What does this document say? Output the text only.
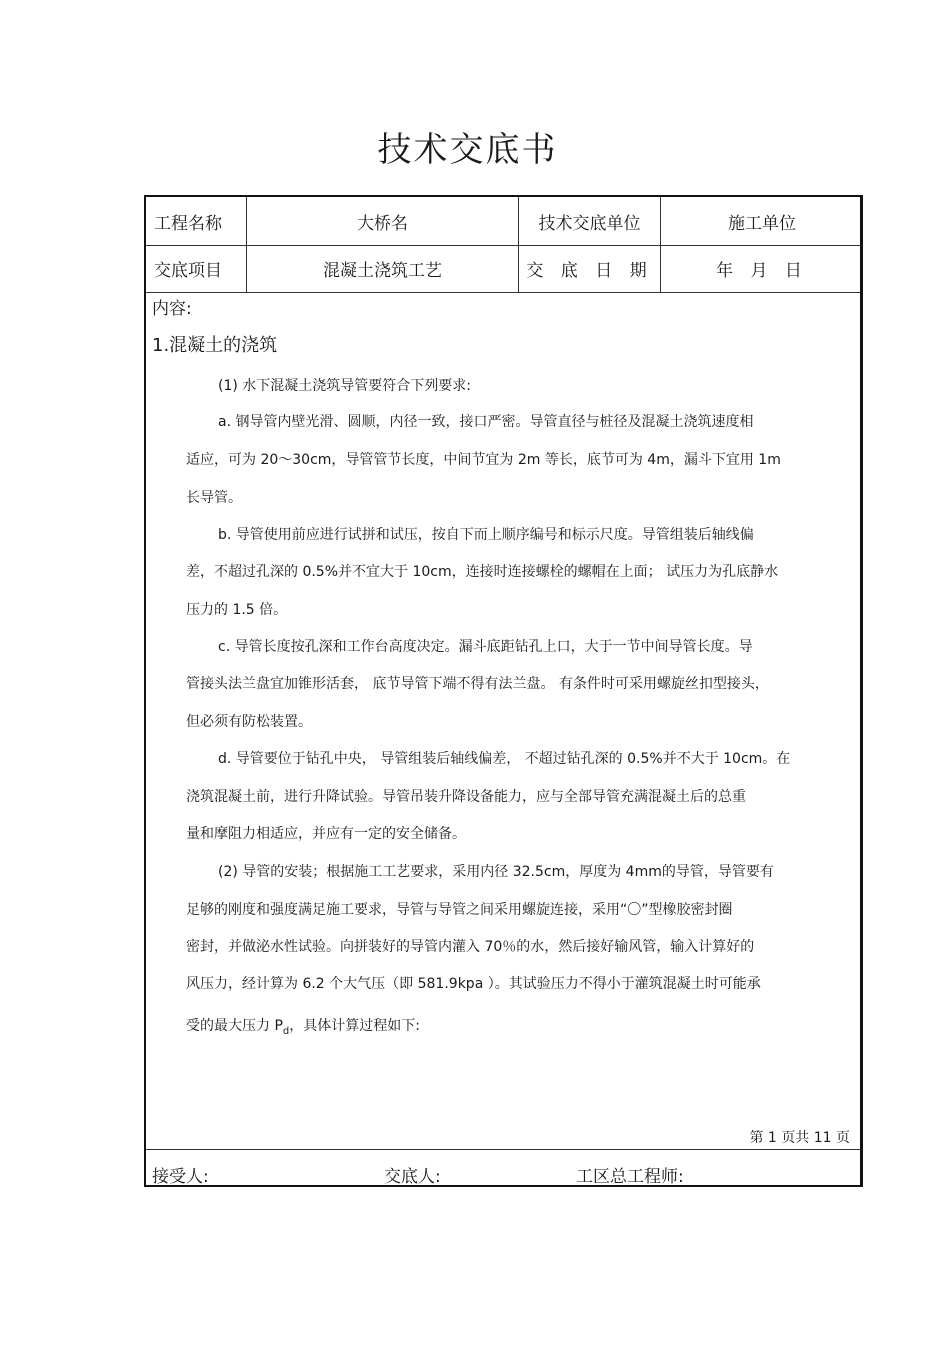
技术交底书
工程名称	大桥名	技术交底单位	施工单位
交底项目	混凝土浇筑工艺	交 底 日 期	年 月 日
内容:
1.混凝土的浇筑
(1) 水下混凝土浇筑导管要符合下列要求:
a. 钢导管内壁光滑、圆顺，内径一致，接口严密。导管直径与桩径及混凝土浇筑速度相
适应，可为 20～30cm，导管管节长度，中间节宜为 2m 等长，底节可为 4m，漏斗下宜用 1m
长导管。
b. 导管使用前应进行试拼和试压，按自下而上顺序编号和标示尺度。导管组装后轴线偏
差，不超过孔深的 0.5%并不宜大于 10cm，连接时连接螺栓的螺帽在上面； 试压力为孔底静水
压力的 1.5 倍。
c. 导管长度按孔深和工作台高度决定。漏斗底距钻孔上口，大于一节中间导管长度。导
管接头法兰盘宜加锥形活套， 底节导管下端不得有法兰盘。 有条件时可采用螺旋丝扣型接头，
但必须有防松装置。
d. 导管要位于钻孔中央， 导管组装后轴线偏差， 不超过钻孔深的 0.5%并不大于 10cm。在
浇筑混凝土前，进行升降试验。导管吊装升降设备能力，应与全部导管充满混凝土后的总重
量和摩阻力相适应，并应有一定的安全储备。
(2) 导管的安装；根据施工工艺要求，采用内径 32.5cm，厚度为 4mm的导管，导管要有
足够的刚度和强度满足施工要求，导管与导管之间采用螺旋连接，采用“〇”型橡胶密封圈
密封，并做泌水性试验。向拼装好的导管内灌入 70％的水，然后接好输风管，输入计算好的
风压力，经计算为 6.2 个大气压（即 581.9kpa ）。其试验压力不得小于灌筑混凝土时可能承
受的最大压力 $P_d$，具体计算过程如下:
第 1 页共 11 页
接受人:	交底人:	工区总工程师:
